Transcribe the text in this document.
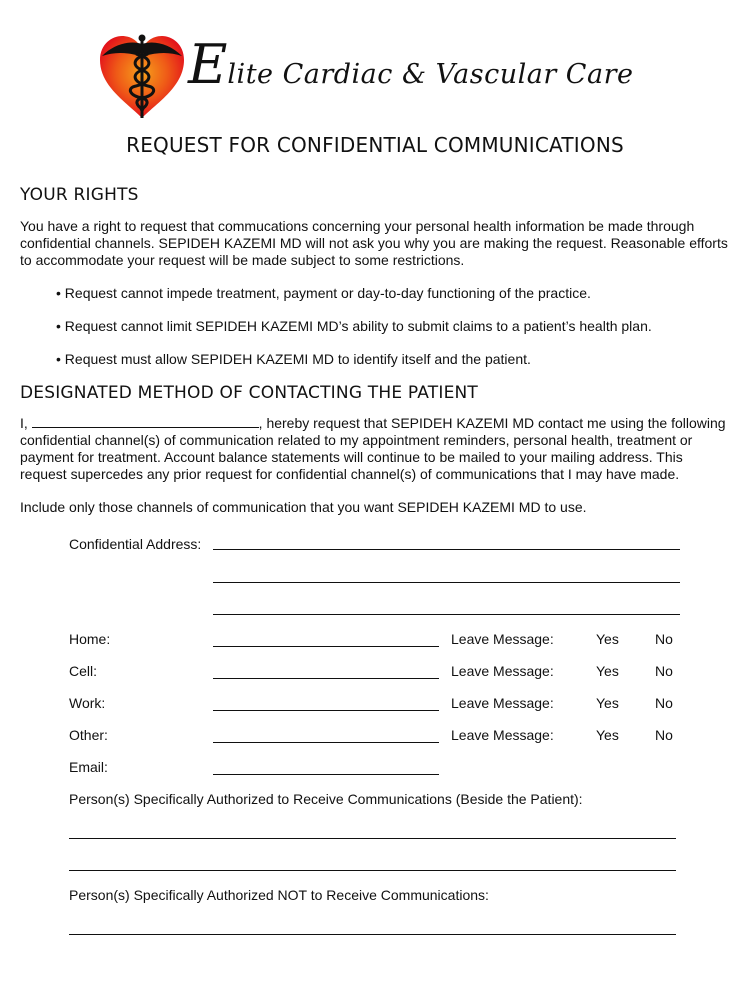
Elite Cardiac & Vascular Care
REQUEST FOR CONFIDENTIAL COMMUNICATIONS
YOUR RIGHTS
You have a right to request that commucations concerning your personal health information be made through
confidential channels. SEPIDEH KAZEMI MD will not ask you why you are making the request. Reasonable efforts
to accommodate your request will be made subject to some restrictions.
• Request cannot impede treatment, payment or day-to-day functioning of the practice.
• Request cannot limit SEPIDEH KAZEMI MD’s ability to submit claims to a patient’s health plan.
• Request must allow SEPIDEH KAZEMI MD to identify itself and the patient.
DESIGNATED METHOD OF CONTACTING THE PATIENT
I,	, hereby request that SEPIDEH KAZEMI MD contact me using the following
confidential channel(s) of communication related to my appointment reminders, personal health, treatment or
payment for treatment. Account balance statements will continue to be mailed to your mailing address. This
request supercedes any prior request for confidential channel(s) of communications that I may have made.
Include only those channels of communication that you want SEPIDEH KAZEMI MD to use.
Confidential Address:
Home:	Leave Message:	Yes	No
Cell:	Leave Message:	Yes	No
Work:	Leave Message:	Yes	No
Other:	Leave Message:	Yes	No
Email:
Person(s) Specifically Authorized to Receive Communications (Beside the Patient):
Person(s) Specifically Authorized NOT to Receive Communications:
